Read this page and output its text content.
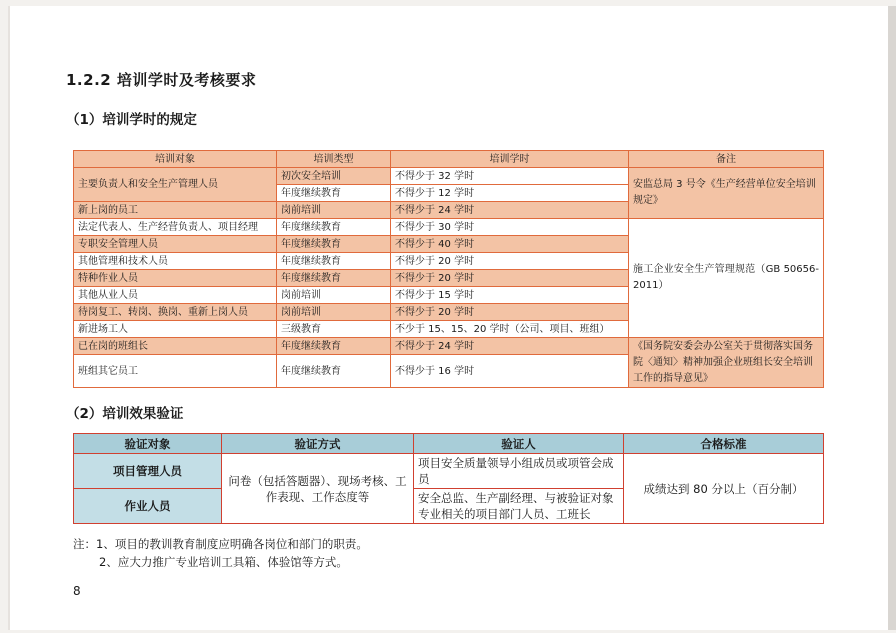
1.2.2 培训学时及考核要求
（1）培训学时的规定
培训对象	培训类型	培训学时	备注
主要负责人和安全生产管理人员	初次安全培训	不得少于 32 学时	安监总局 3 号令《生产经营单位安全培训规定》
	年度继续教育	不得少于 12 学时	
新上岗的员工	岗前培训	不得少于 24 学时	
法定代表人、生产经营负责人、项目经理	年度继续教育	不得少于 30 学时	施工企业安全生产管理规范（GB 50656-2011）
专职安全管理人员	年度继续教育	不得少于 40 学时	
其他管理和技术人员	年度继续教育	不得少于 20 学时	
特种作业人员	年度继续教育	不得少于 20 学时	
其他从业人员	岗前培训	不得少于 15 学时	
待岗复工、转岗、换岗、重新上岗人员	岗前培训	不得少于 20 学时	
新进场工人	三级教育	不少于 15、15、20 学时（公司、项目、班组）	
已在岗的班组长	年度继续教育	不得少于 24 学时	《国务院安委会办公室关于贯彻落实国务院〈通知〉精神加强企业班组长安全培训工作的指导意见》
班组其它员工	年度继续教育	不得少于 16 学时	
（2）培训效果验证
验证对象	验证方式	验证人	合格标准
项目管理人员	问卷（包括答题器）、现场考核、工作表现、工作态度等	项目安全质量领导小组成员或项管会成员	成绩达到 80 分以上（百分制）
作业人员		安全总监、生产副经理、与被验证对象专业相关的项目部门人员、工班长	
注：1、项目的教训教育制度应明确各岗位和部门的职责。
2、应大力推广专业培训工具箱、体验馆等方式。
8
